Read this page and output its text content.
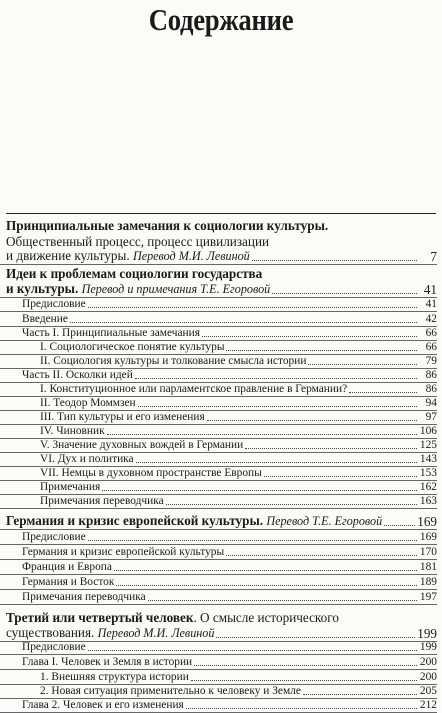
Содержание
Принципиальные замечания к социологии культуры.
Общественный процесс, процесс цивилизации
и движение культуры. Перевод М.И. Левиной	7
Идеи к проблемам социологии государства
и культуры. Перевод и примечания Т.Е. Егоровой	41
Предисловие	41
Введение	42
Часть I. Принципиальные замечания	66
I. Социологическое понятие культуры	66
II. Социология культуры и толкование смысла истории	79
Часть II. Осколки идей	86
I. Конституционное или парламентское правление в Германии?	86
II. Теодор Моммзен	94
III. Тип культуры и его изменения	97
IV. Чиновник	106
V. Значение духовных вождей в Германии	125
VI. Дух и политика	143
VII. Немцы в духовном пространстве Европы	153
Примечания	162
Примечания переводчика	163
Германия и кризис европейской культуры. Перевод Т.Е. Егоровой	169
Предисловие	169
Германия и кризис европейской культуры	170
Франция и Европа	181
Германия и Восток	189
Примечания переводчика	197
Третий или четвертый человек. О смысле исторического
существования. Перевод М.И. Левиной	199
Предисловие	199
Глава I. Человек и Земля в истории	200
1. Внешняя структура истории	200
2. Новая ситуация применительно к человеку и Земле	205
Глава 2. Человек и его изменения	212
